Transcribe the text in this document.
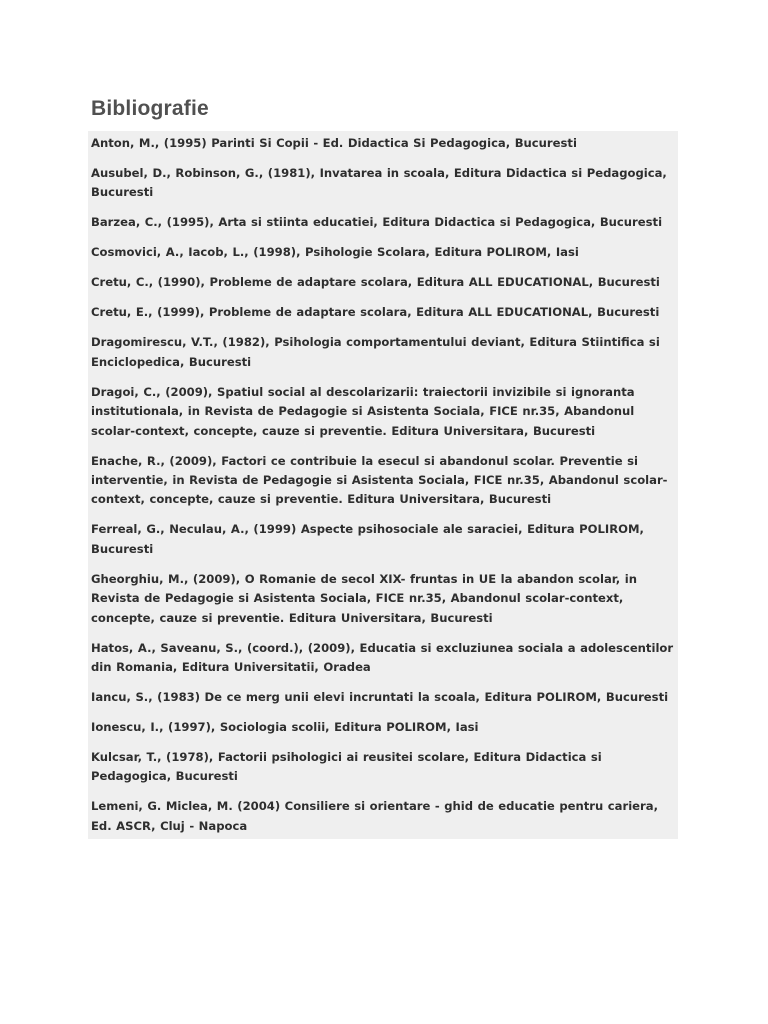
Bibliografie
Anton, M., (1995) Parinti Si Copii - Ed. Didactica Si Pedagogica, Bucuresti
Ausubel, D., Robinson, G., (1981), Invatarea in scoala, Editura Didactica si Pedagogica, Bucuresti
Barzea, C., (1995), Arta si stiinta educatiei, Editura Didactica si Pedagogica, Bucuresti
Cosmovici, A., Iacob, L., (1998), Psihologie Scolara, Editura POLIROM, Iasi
Cretu, C., (1990), Probleme de adaptare scolara, Editura ALL EDUCATIONAL, Bucuresti
Cretu, E., (1999), Probleme de adaptare scolara, Editura ALL EDUCATIONAL, Bucuresti
Dragomirescu, V.T., (1982), Psihologia comportamentului deviant, Editura Stiintifica si Enciclopedica, Bucuresti
Dragoi, C., (2009), Spatiul social al descolarizarii: traiectorii invizibile si ignoranta institutionala, in Revista de Pedagogie si Asistenta Sociala, FICE nr.35, Abandonul scolar-context, concepte, cauze si preventie. Editura Universitara, Bucuresti
Enache, R., (2009), Factori ce contribuie la esecul si abandonul scolar. Preventie si interventie, in Revista de Pedagogie si Asistenta Sociala, FICE nr.35, Abandonul scolar-context, concepte, cauze si preventie. Editura Universitara, Bucuresti
Ferreal, G., Neculau, A., (1999) Aspecte psihosociale ale saraciei, Editura POLIROM, Bucuresti
Gheorghiu, M., (2009), O Romanie de secol XIX- fruntas in UE la abandon scolar, in Revista de Pedagogie si Asistenta Sociala, FICE nr.35, Abandonul scolar-context, concepte, cauze si preventie. Editura Universitara, Bucuresti
Hatos, A., Saveanu, S., (coord.), (2009), Educatia si excluziunea sociala a adolescentilor din Romania, Editura Universitatii, Oradea
Iancu, S., (1983) De ce merg unii elevi incruntati la scoala, Editura POLIROM, Bucuresti
Ionescu, I., (1997), Sociologia scolii, Editura POLIROM, Iasi
Kulcsar, T., (1978), Factorii psihologici ai reusitei scolare, Editura Didactica si Pedagogica, Bucuresti
Lemeni, G. Miclea, M. (2004) Consiliere si orientare - ghid de educatie pentru cariera, Ed. ASCR, Cluj - Napoca
